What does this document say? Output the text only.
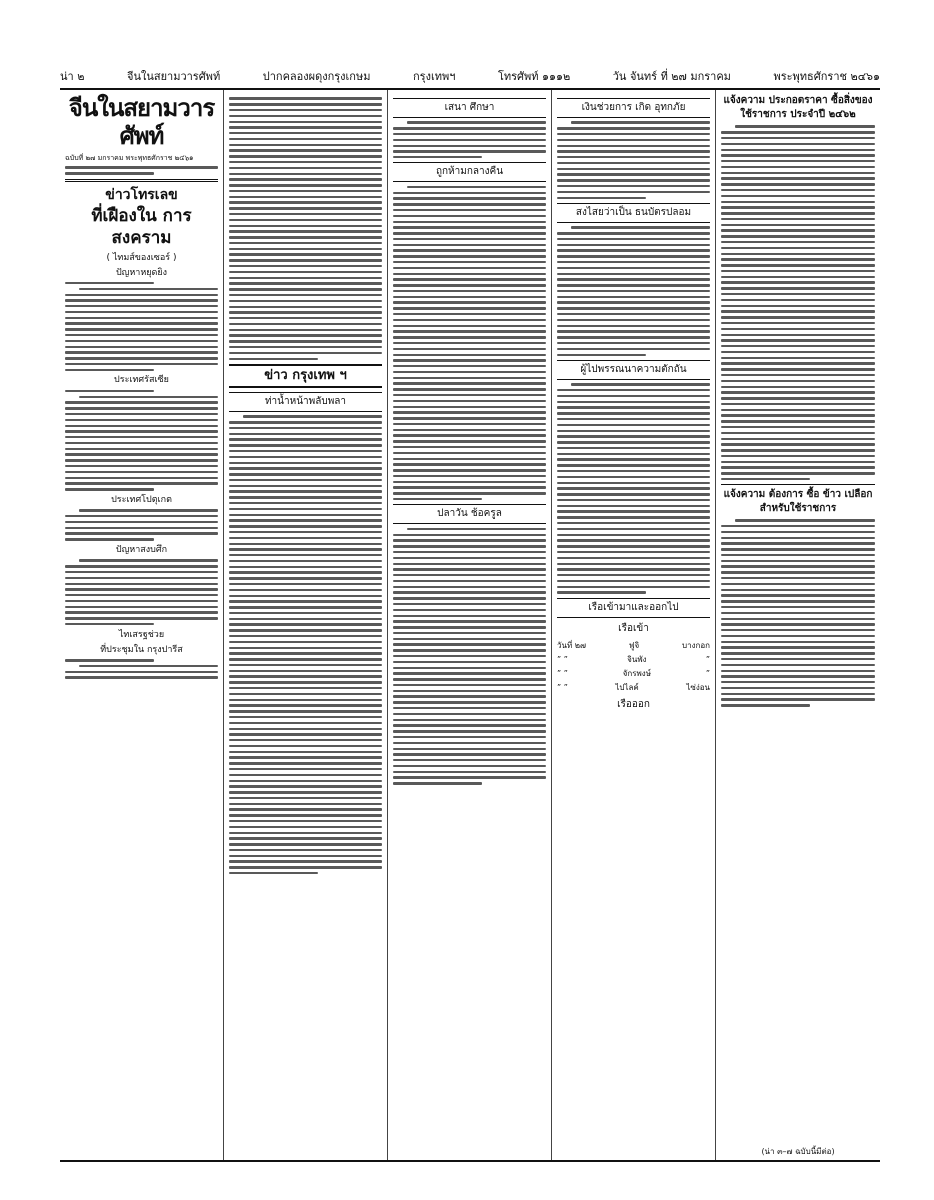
น่า ๒	จีนในสยามวารศัพท์	ปากคลองผดุงกรุงเกษม	กรุงเทพฯ	โทรศัพท์ ๑๑๑๒	วัน จันทร์ ที่ ๒๗ มกราคม	พระพุทธศักราช ๒๔๖๑
จีนในสยามวารศัพท์
ฉบับที่ ๒๗ มกราคม พระพุทธศักราช ๒๔๖๑
ข่าวโทรเลข
ที่เฝืองใน การสงคราม
( ไทมส์ของเซอร์ )
ปัญหาหยุดยิง
ประเทศรัสเซีย
ประเทศโปตุเกต
ปัญหาสงบศึก
ไทเสรฐช่วย
ที่ประชุมใน กรุงปารีส
ข่าว กรุงเทพ ฯ
ท่าน้ำหน้าพลับพลา
เสนา ศึกษา
ถูกห้ามกลางคืน
ปลาวัน ช้อครูล
เงินช่วยการ เกิด อุทกภัย
สงไสยว่าเป็น ธนบัตรปลอม
ผู้ไปพรรณนาความตักถัน
เรือเข้ามาและออกไป
เรือเข้า
วันที่ ๒๗	ฟูจิ	บางกอก
” ”	จินพัง	”
” ”	จักรพงษ์	”
” ”	ไปไลค์	ไซ่ง่อน
เรือออก
แจ้งความ ประกอตราคา ซื้อสิ่งของ ใช้ราชการ ประจำปี ๒๔๖๒
แจ้งความ ต้องการ ซื้อ ข้าว เปลือก สำหรับใช้ราชการ
(น่า ๓–๗ ฉบับนี้มีต่อ)
